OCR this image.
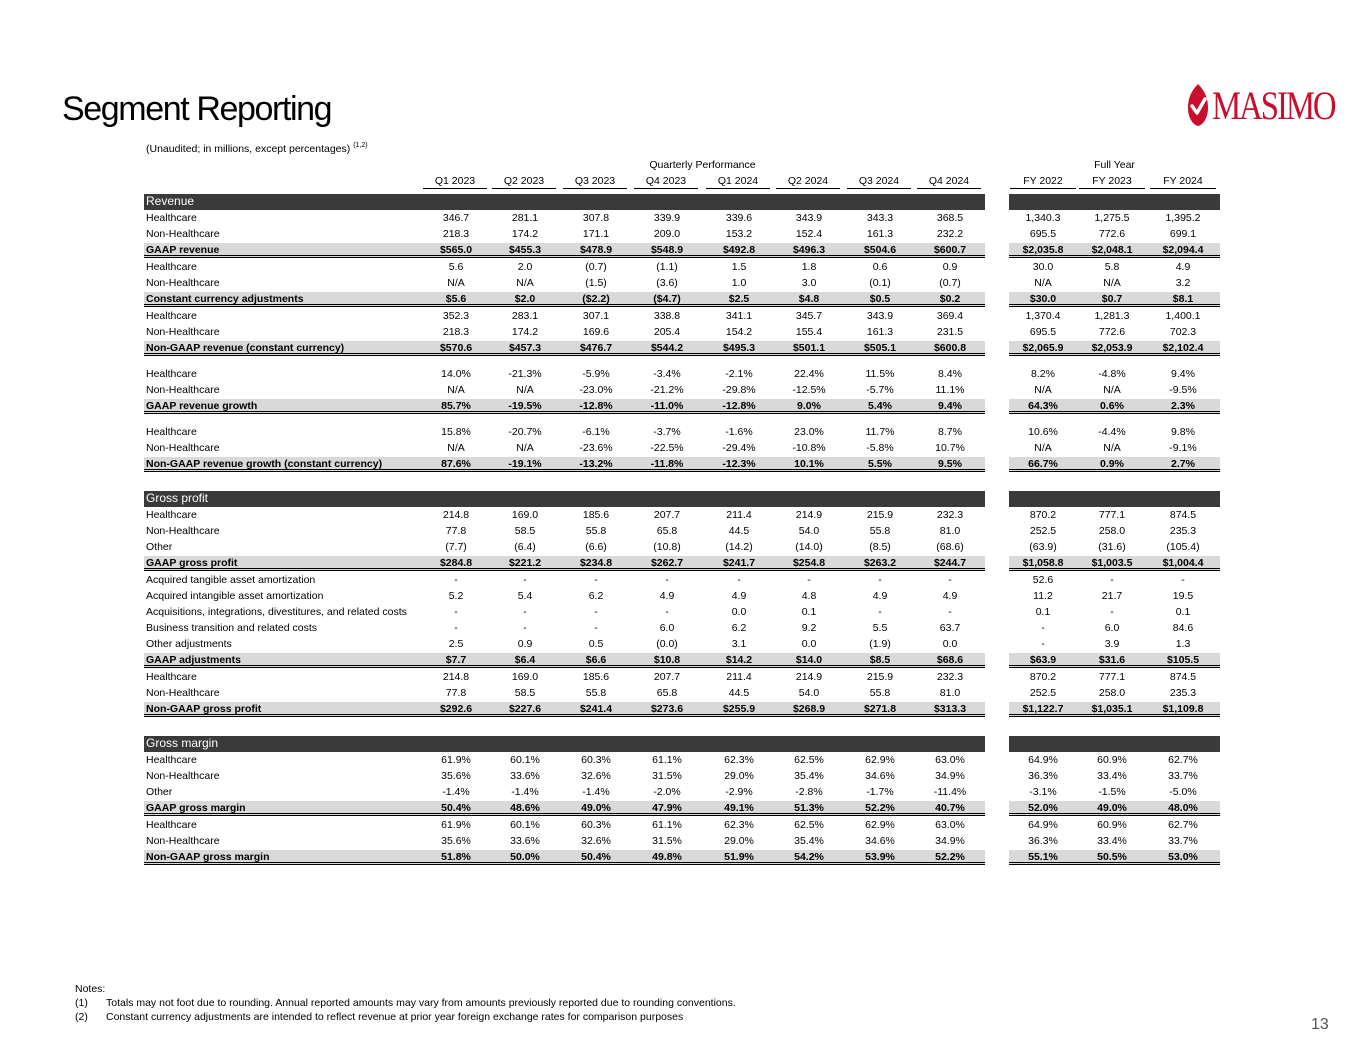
Segment Reporting	MASIMO
(Unaudited; in millions, except percentages) $^{(1,2)}$
Quarterly Performance	Full Year
Q1 2023	Q2 2023	Q3 2023	Q4 2023	Q1 2024	Q2 2024	Q3 2024	Q4 2024	FY 2022	FY 2023	FY 2024
Revenue
Healthcare	346.7	281.1	307.8	339.9	339.6	343.9	343.3	368.5	1,340.3	1,275.5	1,395.2
Non-Healthcare	218.3	174.2	171.1	209.0	153.2	152.4	161.3	232.2	695.5	772.6	699.1
GAAP revenue	$565.0	$455.3	$478.9	$548.9	$492.8	$496.3	$504.6	$600.7	$2,035.8	$2,048.1	$2,094.4
Healthcare	5.6	2.0	(0.7)	(1.1)	1.5	1.8	0.6	0.9	30.0	5.8	4.9
Non-Healthcare	N/A	N/A	(1.5)	(3.6)	1.0	3.0	(0.1)	(0.7)	N/A	N/A	3.2
Constant currency adjustments	$5.6	$2.0	($2.2)	($4.7)	$2.5	$4.8	$0.5	$0.2	$30.0	$0.7	$8.1
Healthcare	352.3	283.1	307.1	338.8	341.1	345.7	343.9	369.4	1,370.4	1,281.3	1,400.1
Non-Healthcare	218.3	174.2	169.6	205.4	154.2	155.4	161.3	231.5	695.5	772.6	702.3
Non-GAAP revenue (constant currency)	$570.6	$457.3	$476.7	$544.2	$495.3	$501.1	$505.1	$600.8	$2,065.9	$2,053.9	$2,102.4
Healthcare	14.0%	-21.3%	-5.9%	-3.4%	-2.1%	22.4%	11.5%	8.4%	8.2%	-4.8%	9.4%
Non-Healthcare	N/A	N/A	-23.0%	-21.2%	-29.8%	-12.5%	-5.7%	11.1%	N/A	N/A	-9.5%
GAAP revenue growth	85.7%	-19.5%	-12.8%	-11.0%	-12.8%	9.0%	5.4%	9.4%	64.3%	0.6%	2.3%
Healthcare	15.8%	-20.7%	-6.1%	-3.7%	-1.6%	23.0%	11.7%	8.7%	10.6%	-4.4%	9.8%
Non-Healthcare	N/A	N/A	-23.6%	-22.5%	-29.4%	-10.8%	-5.8%	10.7%	N/A	N/A	-9.1%
Non-GAAP revenue growth (constant currency)	87.6%	-19.1%	-13.2%	-11.8%	-12.3%	10.1%	5.5%	9.5%	66.7%	0.9%	2.7%
Gross profit
Healthcare	214.8	169.0	185.6	207.7	211.4	214.9	215.9	232.3	870.2	777.1	874.5
Non-Healthcare	77.8	58.5	55.8	65.8	44.5	54.0	55.8	81.0	252.5	258.0	235.3
Other	(7.7)	(6.4)	(6.6)	(10.8)	(14.2)	(14.0)	(8.5)	(68.6)	(63.9)	(31.6)	(105.4)
GAAP gross profit	$284.8	$221.2	$234.8	$262.7	$241.7	$254.8	$263.2	$244.7	$1,058.8	$1,003.5	$1,004.4
Acquired tangible asset amortization	-	-	-	-	-	-	-	-	52.6	-	-
Acquired intangible asset amortization	5.2	5.4	6.2	4.9	4.9	4.8	4.9	4.9	11.2	21.7	19.5
Acquisitions, integrations, divestitures, and related costs	-	-	-	-	0.0	0.1	-	-	0.1	-	0.1
Business transition and related costs	-	-	-	6.0	6.2	9.2	5.5	63.7	-	6.0	84.6
Other adjustments	2.5	0.9	0.5	(0.0)	3.1	0.0	(1.9)	0.0	-	3.9	1.3
GAAP adjustments	$7.7	$6.4	$6.6	$10.8	$14.2	$14.0	$8.5	$68.6	$63.9	$31.6	$105.5
Healthcare	214.8	169.0	185.6	207.7	211.4	214.9	215.9	232.3	870.2	777.1	874.5
Non-Healthcare	77.8	58.5	55.8	65.8	44.5	54.0	55.8	81.0	252.5	258.0	235.3
Non-GAAP gross profit	$292.6	$227.6	$241.4	$273.6	$255.9	$268.9	$271.8	$313.3	$1,122.7	$1,035.1	$1,109.8
Gross margin
Healthcare	61.9%	60.1%	60.3%	61.1%	62.3%	62.5%	62.9%	63.0%	64.9%	60.9%	62.7%
Non-Healthcare	35.6%	33.6%	32.6%	31.5%	29.0%	35.4%	34.6%	34.9%	36.3%	33.4%	33.7%
Other	-1.4%	-1.4%	-1.4%	-2.0%	-2.9%	-2.8%	-1.7%	-11.4%	-3.1%	-1.5%	-5.0%
GAAP gross margin	50.4%	48.6%	49.0%	47.9%	49.1%	51.3%	52.2%	40.7%	52.0%	49.0%	48.0%
Healthcare	61.9%	60.1%	60.3%	61.1%	62.3%	62.5%	62.9%	63.0%	64.9%	60.9%	62.7%
Non-Healthcare	35.6%	33.6%	32.6%	31.5%	29.0%	35.4%	34.6%	34.9%	36.3%	33.4%	33.7%
Non-GAAP gross margin	51.8%	50.0%	50.4%	49.8%	51.9%	54.2%	53.9%	52.2%	55.1%	50.5%	53.0%
Notes:
(1) Totals may not foot due to rounding. Annual reported amounts may vary from amounts previously reported due to rounding conventions.
(2) Constant currency adjustments are intended to reflect revenue at prior year foreign exchange rates for comparison purposes	13
